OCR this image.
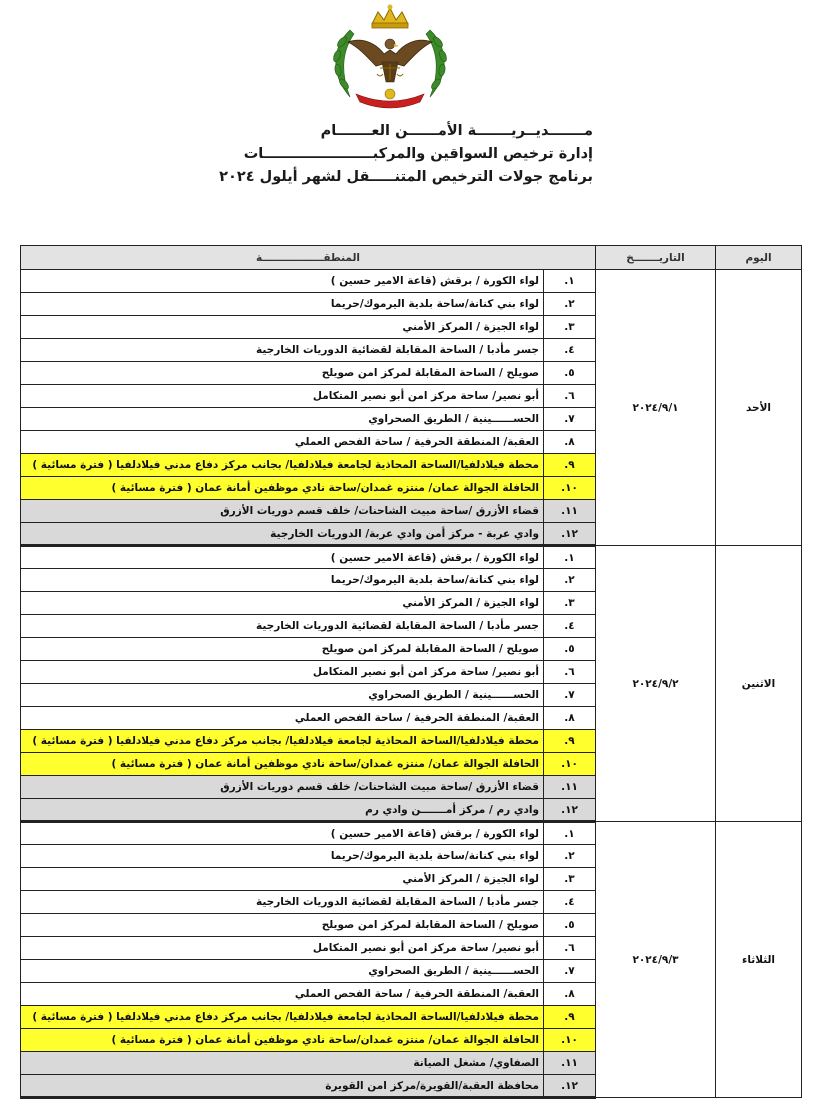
مـــــــديــريـــــــة الأمــــــن العـــــــام
إدارة ترخيص السواقين والمركبــــــــــــــــــــــات
برنامج جولات الترخيص المتنـــــقل لشهر أيلول ٢٠٢٤
اليوم	التاريـــــــخ	المنطقـــــــــــــــــة	
الأحد	٢٠٢٤/٩/١	١.	لواء الكورة / برقش (قاعة الامير حسين )
		٢.	لواء بني كنانة/ساحة بلدية اليرموك/حريما
		٣.	لواء الجيزة / المركز الأمني
		٤.	جسر مأدبا / الساحة المقابلة لقضائية الدوريات الخارجية
		٥.	صويلح / الساحة المقابلة لمركز امن صويلح
		٦.	أبو نصير/ ساحة مركز امن أبو نصير المتكامل
		٧.	الحســــــينية / الطريق الصحراوي
		٨.	العقبة/ المنطقة الحرفية / ساحة الفحص العملي
		٩.	محطة فيلادلفيا/الساحة المحاذية لجامعة فيلادلفيا/ بجانب مركز دفاع مدني فيلادلفيا ( فترة مسائية )
		١٠.	الحافلة الجوالة عمان/ منتزه غمدان/ساحة نادي موظفين أمانة عمان ( فترة مسائية )
		١١.	قضاء الأزرق /ساحة مبيت الشاحنات/ خلف قسم دوريات الأزرق
		١٢.	وادي عربة - مركز أمن وادي عربة/ الدوريات الخارجية
الاثنين	٢٠٢٤/٩/٢	١.	لواء الكورة / برقش (قاعة الامير حسين )
		٢.	لواء بني كنانة/ساحة بلدية اليرموك/حريما
		٣.	لواء الجيزة / المركز الأمني
		٤.	جسر مأدبا / الساحة المقابلة لقضائية الدوريات الخارجية
		٥.	صويلح / الساحة المقابلة لمركز امن صويلح
		٦.	أبو نصير/ ساحة مركز امن أبو نصير المتكامل
		٧.	الحســــــينية / الطريق الصحراوي
		٨.	العقبة/ المنطقة الحرفية / ساحة الفحص العملي
		٩.	محطة فيلادلفيا/الساحة المحاذية لجامعة فيلادلفيا/ بجانب مركز دفاع مدني فيلادلفيا ( فترة مسائية )
		١٠.	الحافلة الجوالة عمان/ منتزه غمدان/ساحة نادي موظفين أمانة عمان ( فترة مسائية )
		١١.	قضاء الأزرق /ساحة مبيت الشاحنات/ خلف قسم دوريات الأزرق
		١٢.	وادي رم / مركز أمـــــــن وادي رم
الثلاثاء	٢٠٢٤/٩/٣	١.	لواء الكورة / برقش (قاعة الامير حسين )
		٢.	لواء بني كنانة/ساحة بلدية اليرموك/حريما
		٣.	لواء الجيزة / المركز الأمني
		٤.	جسر مأدبا / الساحة المقابلة لقضائية الدوريات الخارجية
		٥.	صويلح / الساحة المقابلة لمركز امن صويلح
		٦.	أبو نصير/ ساحة مركز امن أبو نصير المتكامل
		٧.	الحســــــينية / الطريق الصحراوي
		٨.	العقبة/ المنطقة الحرفية / ساحة الفحص العملي
		٩.	محطة فيلادلفيا/الساحة المحاذية لجامعة فيلادلفيا/ بجانب مركز دفاع مدني فيلادلفيا ( فترة مسائية )
		١٠.	الحافلة الجوالة عمان/ منتزه غمدان/ساحة نادي موظفين أمانة عمان ( فترة مسائية )
		١١.	الصفاوي/ مشغل الصيانة
		١٢.	محافظة العقبة/القويرة/مركز امن القويرة
